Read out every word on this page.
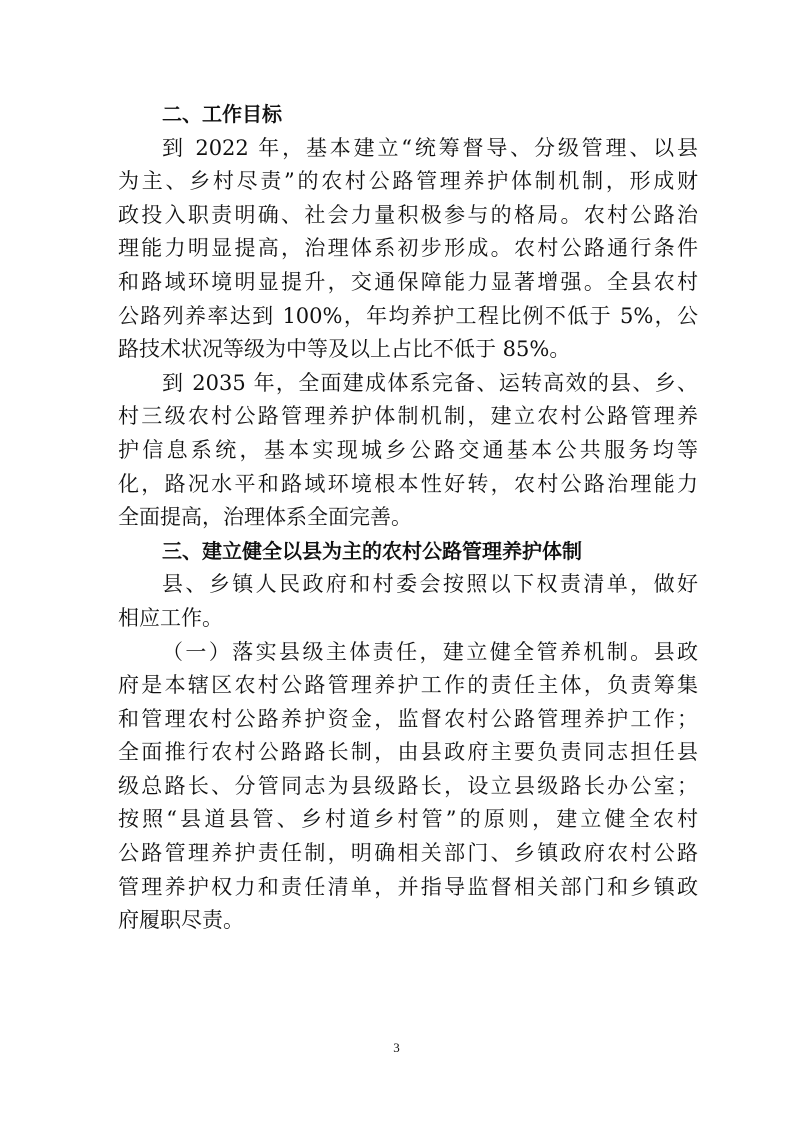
二、工作目标
到 2022 年，基本建立“统筹督导、分级管理、以县
为主、乡村尽责”的农村公路管理养护体制机制，形成财
政投入职责明确、社会力量积极参与的格局。农村公路治
理能力明显提高，治理体系初步形成。农村公路通行条件
和路域环境明显提升，交通保障能力显著增强。全县农村
公路列养率达到 100%，年均养护工程比例不低于 5%，公
路技术状况等级为中等及以上占比不低于 85%。
到 2035 年，全面建成体系完备、运转高效的县、乡、
村三级农村公路管理养护体制机制，建立农村公路管理养
护信息系统，基本实现城乡公路交通基本公共服务均等
化，路况水平和路域环境根本性好转，农村公路治理能力
全面提高，治理体系全面完善。
三、建立健全以县为主的农村公路管理养护体制
县、乡镇人民政府和村委会按照以下权责清单，做好
相应工作。
（一）落实县级主体责任，建立健全管养机制。县政
府是本辖区农村公路管理养护工作的责任主体，负责筹集
和管理农村公路养护资金，监督农村公路管理养护工作；
全面推行农村公路路长制，由县政府主要负责同志担任县
级总路长、分管同志为县级路长，设立县级路长办公室；
按照“县道县管、乡村道乡村管”的原则，建立健全农村
公路管理养护责任制，明确相关部门、乡镇政府农村公路
管理养护权力和责任清单，并指导监督相关部门和乡镇政
府履职尽责。
3
